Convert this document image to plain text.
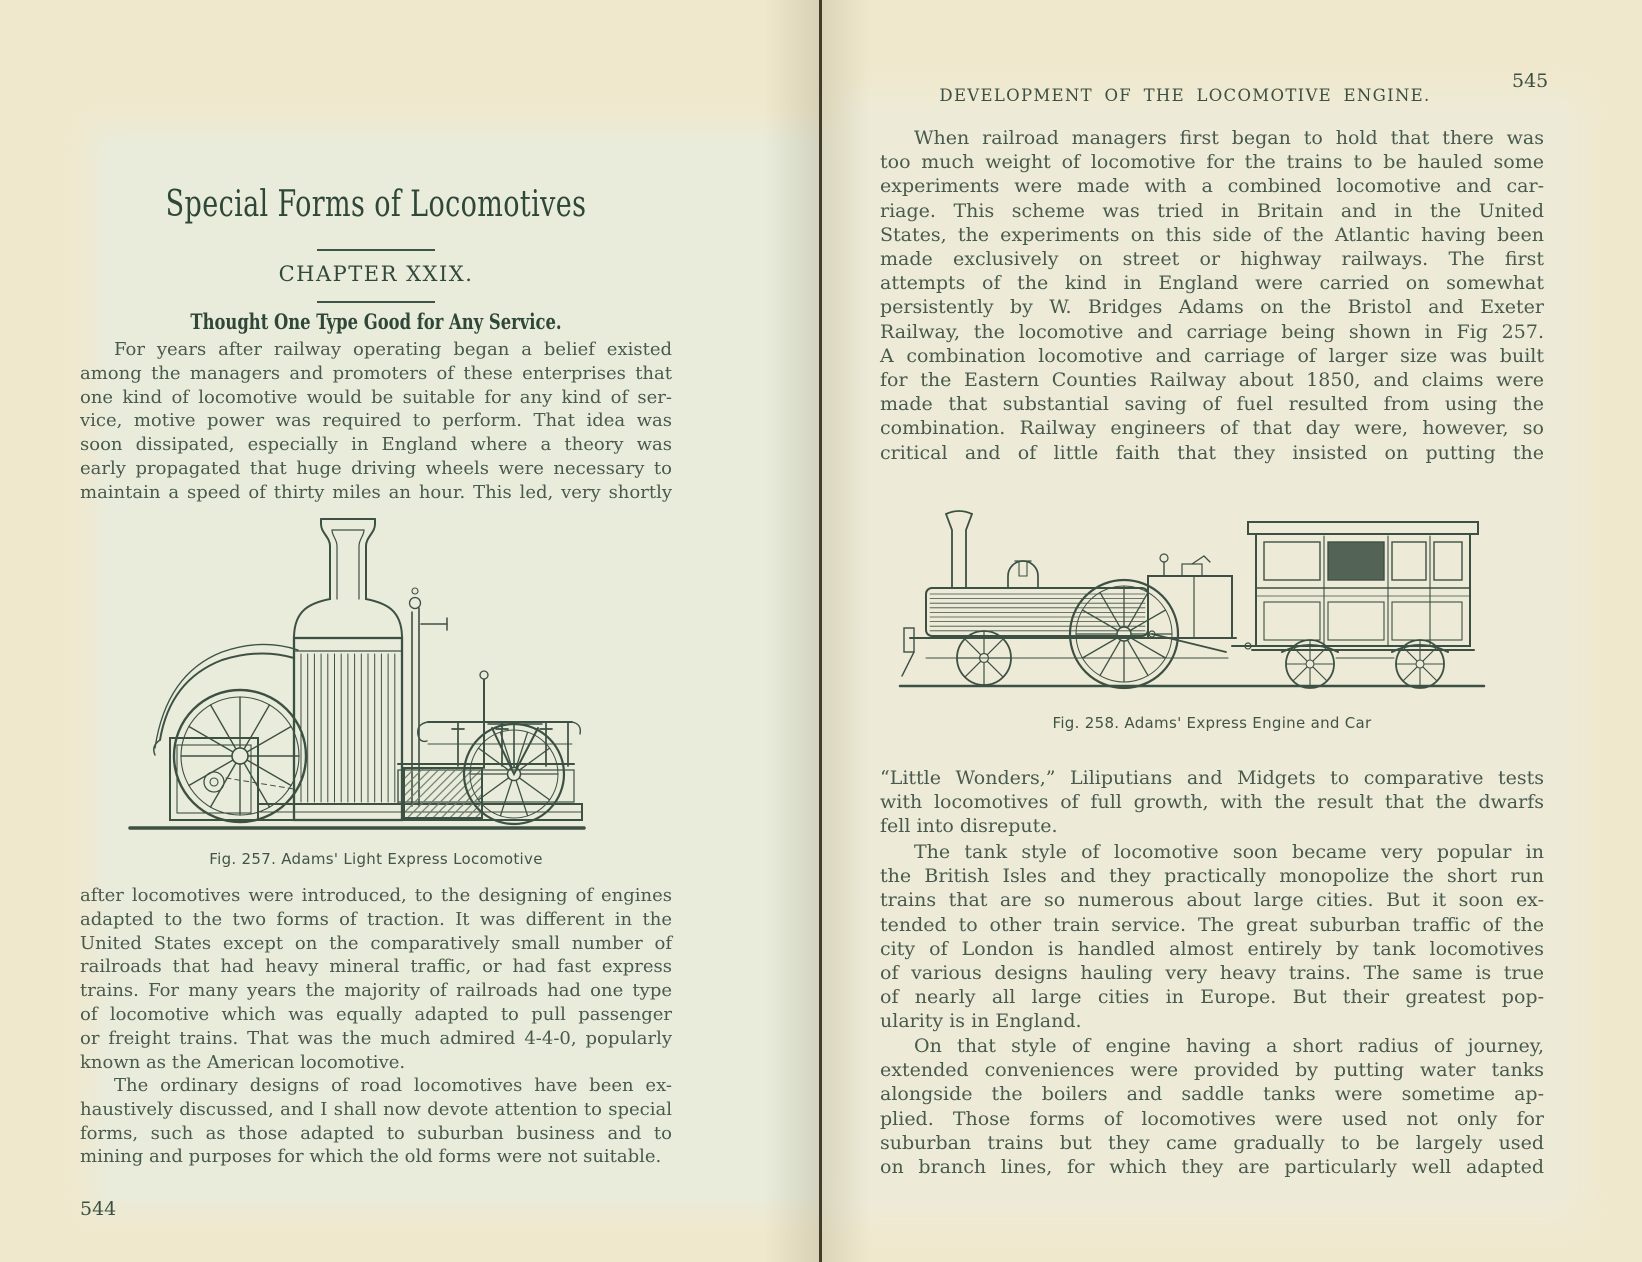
Special Forms of Locomotives
CHAPTER XXIX.
Thought One Type Good for Any Service.
For years after railway operating began a belief existed
among the managers and promoters of these enterprises that
one kind of locomotive would be suitable for any kind of ser-
vice, motive power was required to perform. That idea was
soon dissipated, especially in England where a theory was
early propagated that huge driving wheels were necessary to
maintain a speed of thirty miles an hour. This led, very shortly
Fig. 257. Adams' Light Express Locomotive
after locomotives were introduced, to the designing of engines
adapted to the two forms of traction. It was different in the
United States except on the comparatively small number of
railroads that had heavy mineral traffic, or had fast express
trains. For many years the majority of railroads had one type
of locomotive which was equally adapted to pull passenger
or freight trains. That was the much admired 4-4-0, popularly
known as the American locomotive.
The ordinary designs of road locomotives have been ex-
haustively discussed, and I shall now devote attention to special
forms, such as those adapted to suburban business and to
mining and purposes for which the old forms were not suitable.
544
DEVELOPMENT OF THE LOCOMOTIVE ENGINE.
545
When railroad managers first began to hold that there was
too much weight of locomotive for the trains to be hauled some
experiments were made with a combined locomotive and car-
riage. This scheme was tried in Britain and in the United
States, the experiments on this side of the Atlantic having been
made exclusively on street or highway railways. The first
attempts of the kind in England were carried on somewhat
persistently by W. Bridges Adams on the Bristol and Exeter
Railway, the locomotive and carriage being shown in Fig 257.
A combination locomotive and carriage of larger size was built
for the Eastern Counties Railway about 1850, and claims were
made that substantial saving of fuel resulted from using the
combination. Railway engineers of that day were, however, so
critical and of little faith that they insisted on putting the
Fig. 258. Adams' Express Engine and Car
“Little Wonders,” Liliputians and Midgets to comparative tests
with locomotives of full growth, with the result that the dwarfs
fell into disrepute.
The tank style of locomotive soon became very popular in
the British Isles and they practically monopolize the short run
trains that are so numerous about large cities. But it soon ex-
tended to other train service. The great suburban traffic of the
city of London is handled almost entirely by tank locomotives
of various designs hauling very heavy trains. The same is true
of nearly all large cities in Europe. But their greatest pop-
ularity is in England.
On that style of engine having a short radius of journey,
extended conveniences were provided by putting water tanks
alongside the boilers and saddle tanks were sometime ap-
plied. Those forms of locomotives were used not only for
suburban trains but they came gradually to be largely used
on branch lines, for which they are particularly well adapted
